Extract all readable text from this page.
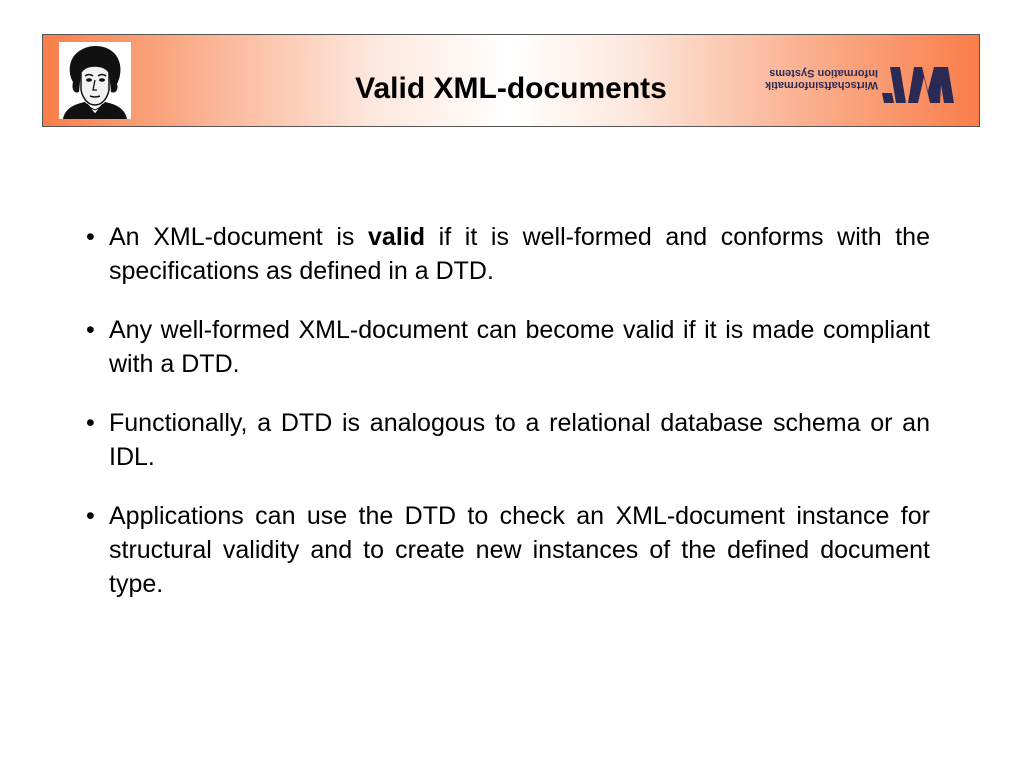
Valid XML-documents	Wirtschaftsinformatik
Information Systems
• An XML-document is valid if it is well-formed and conforms with the specifications as defined in a DTD.
• Any well-formed XML-document can become valid if it is made compliant with a DTD.
• Functionally, a DTD is analogous to a relational database schema or an IDL.
• Applications can use the DTD to check an XML-document instance for structural validity and to create new instances of the defined document type.
